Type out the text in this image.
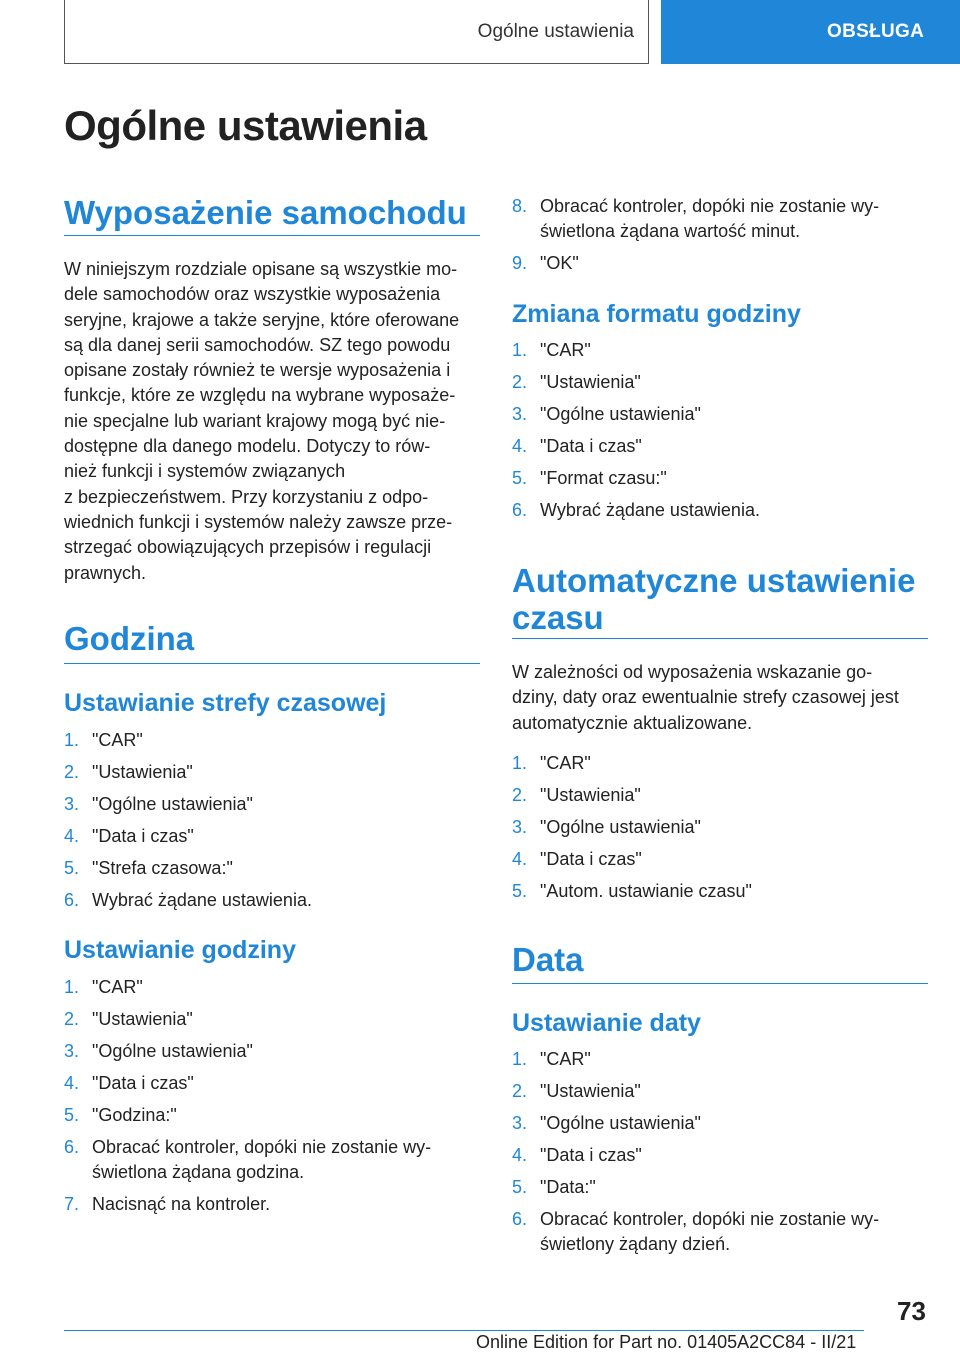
Ogólne ustawienia	OBSŁUGA
Ogólne ustawienia
Wyposażenie samochodu
W niniejszym rozdziale opisane są wszystkie mo‐
dele samochodów oraz wszystkie wyposażenia
seryjne, krajowe a także seryjne, które oferowane
są dla danej serii samochodów. SZ tego powodu
opisane zostały również te wersje wyposażenia i
funkcje, które ze względu na wybrane wyposaże‐
nie specjalne lub wariant krajowy mogą być nie‐
dostępne dla danego modelu. Dotyczy to rów‐
nież funkcji i systemów związanych
z bezpieczeństwem. Przy korzystaniu z odpo‐
wiednich funkcji i systemów należy zawsze prze‐
strzegać obowiązujących przepisów i regulacji
prawnych.
Godzina
Ustawianie strefy czasowej
1. "CAR"
2. "Ustawienia"
3. "Ogólne ustawienia"
4. "Data i czas"
5. "Strefa czasowa:"
6. Wybrać żądane ustawienia.
Ustawianie godziny
1. "CAR"
2. "Ustawienia"
3. "Ogólne ustawienia"
4. "Data i czas"
5. "Godzina:"
6. Obracać kontroler, dopóki nie zostanie wy‐
świetlona żądana godzina.
7. Nacisnąć na kontroler.
8. Obracać kontroler, dopóki nie zostanie wy‐
świetlona żądana wartość minut.
9. "OK"
Zmiana formatu godziny
1. "CAR"
2. "Ustawienia"
3. "Ogólne ustawienia"
4. "Data i czas"
5. "Format czasu:"
6. Wybrać żądane ustawienia.
Automatyczne ustawienie
czasu
W zależności od wyposażenia wskazanie go‐
dziny, daty oraz ewentualnie strefy czasowej jest
automatycznie aktualizowane.
1. "CAR"
2. "Ustawienia"
3. "Ogólne ustawienia"
4. "Data i czas"
5. "Autom. ustawianie czasu"
Data
Ustawianie daty
1. "CAR"
2. "Ustawienia"
3. "Ogólne ustawienia"
4. "Data i czas"
5. "Data:"
6. Obracać kontroler, dopóki nie zostanie wy‐
świetlony żądany dzień.
73
Online Edition for Part no. 01405A2CC84 - II/21
